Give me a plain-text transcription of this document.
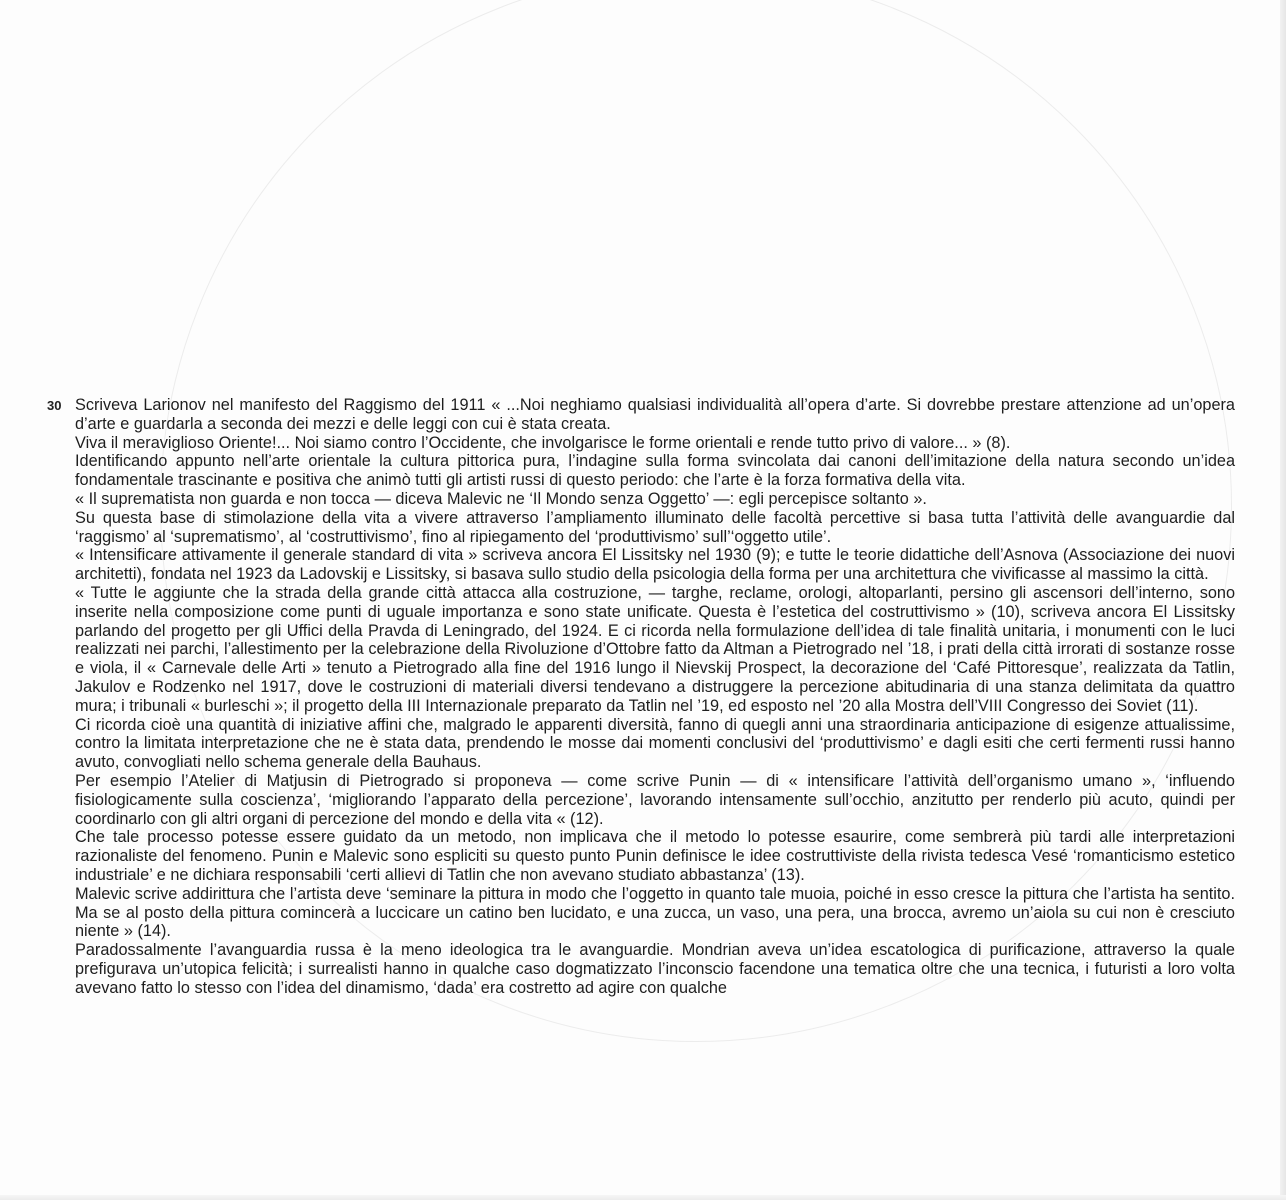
30 Scriveva Larionov nel manifesto del Raggismo del 1911 « ...Noi neghiamo qualsiasi individualità all’opera d’arte. Si dovrebbe prestare attenzione ad un’opera d’arte e guardarla a seconda dei mezzi e delle leggi con cui è stata creata.

Viva il meraviglioso Oriente!... Noi siamo contro l’Occidente, che involgarisce le forme orientali e rende tutto privo di valore... » (8).

Identificando appunto nell’arte orientale la cultura pittorica pura, l’indagine sulla forma svincolata dai canoni dell’imitazione della natura secondo un’idea fondamentale trascinante e positiva che animò tutti gli artisti russi di questo periodo: che l’arte è la forza formativa della vita.

« Il suprematista non guarda e non tocca — diceva Malevic ne ‘Il Mondo senza Oggetto’ —: egli percepisce soltanto ».

Su questa base di stimolazione della vita a vivere attraverso l’ampliamento illuminato delle facoltà percettive si basa tutta l’attività delle avanguardie dal ‘raggismo’ al ‘suprematismo’, al ‘costruttivismo’, fino al ripiegamento del ‘produttivismo’ sull’‘oggetto utile’.

« Intensificare attivamente il generale standard di vita » scriveva ancora El Lissitsky nel 1930 (9); e tutte le teorie didattiche dell’Asnova (Associazione dei nuovi architetti), fondata nel 1923 da Ladovskij e Lissitsky, si basava sullo studio della psicologia della forma per una architettura che vivificasse al massimo la città.

« Tutte le aggiunte che la strada della grande città attacca alla costruzione, — targhe, reclame, orologi, altoparlanti, persino gli ascensori dell’interno, sono inserite nella composizione come punti di uguale importanza e sono state unificate. Questa è l’estetica del costruttivismo » (10), scriveva ancora El Lissitsky parlando del progetto per gli Uffici della Pravda di Leningrado, del 1924. E ci ricorda nella formulazione dell’idea di tale finalità unitaria, i monumenti con le luci realizzati nei parchi, l’allestimento per la celebrazione della Rivoluzione d’Ottobre fatto da Altman a Pietrogrado nel ’18, i prati della città irrorati di sostanze rosse e viola, il « Carnevale delle Arti » tenuto a Pietrogrado alla fine del 1916 lungo il Nievskij Prospect, la decorazione del ‘Café Pittoresque’, realizzata da Tatlin, Jakulov e Rodzenko nel 1917, dove le costruzioni di materiali diversi tendevano a distruggere la percezione abitudinaria di una stanza delimitata da quattro mura; i tribunali « burleschi »; il progetto della III Internazionale preparato da Tatlin nel ’19, ed esposto nel ’20 alla Mostra dell’VIII Congresso dei Soviet (11).

Ci ricorda cioè una quantità di iniziative affini che, malgrado le apparenti diversità, fanno di quegli anni una straordinaria anticipazione di esigenze attualissime, contro la limitata interpretazione che ne è stata data, prendendo le mosse dai momenti conclusivi del ‘produttivismo’ e dagli esiti che certi fermenti russi hanno avuto, convogliati nello schema generale della Bauhaus.

Per esempio l’Atelier di Matjusin di Pietrogrado si proponeva — come scrive Punin — di « intensificare l’attività dell’organismo umano », ‘influendo fisiologicamente sulla coscienza’, ‘migliorando l’apparato della percezione’, lavorando intensamente sull’occhio, anzitutto per renderlo più acuto, quindi per coordinarlo con gli altri organi di percezione del mondo e della vita « (12).

Che tale processo potesse essere guidato da un metodo, non implicava che il metodo lo potesse esaurire, come sembrerà più tardi alle interpretazioni razionaliste del fenomeno. Punin e Malevic sono espliciti su questo punto Punin definisce le idee costruttiviste della rivista tedesca Vesé ‘romanticismo estetico industriale’ e ne dichiara responsabili ‘certi allievi di Tatlin che non avevano studiato abbastanza’ (13).

Malevic scrive addirittura che l’artista deve ‘seminare la pittura in modo che l’oggetto in quanto tale muoia, poiché in esso cresce la pittura che l’artista ha sentito. Ma se al posto della pittura comincerà a luccicare un catino ben lucidato, e una zucca, un vaso, una pera, una brocca, avremo un’aiola su cui non è cresciuto niente » (14).

Paradossalmente l’avanguardia russa è la meno ideologica tra le avanguardie. Mondrian aveva un’idea escatologica di purificazione, attraverso la quale prefigurava un’utopica felicità; i surrealisti hanno in qualche caso dogmatizzato l’inconscio facendone una tematica oltre che una tecnica, i futuristi a loro volta avevano fatto lo stesso con l’idea del dinamismo, ‘dada’ era costretto ad agire con qualche
